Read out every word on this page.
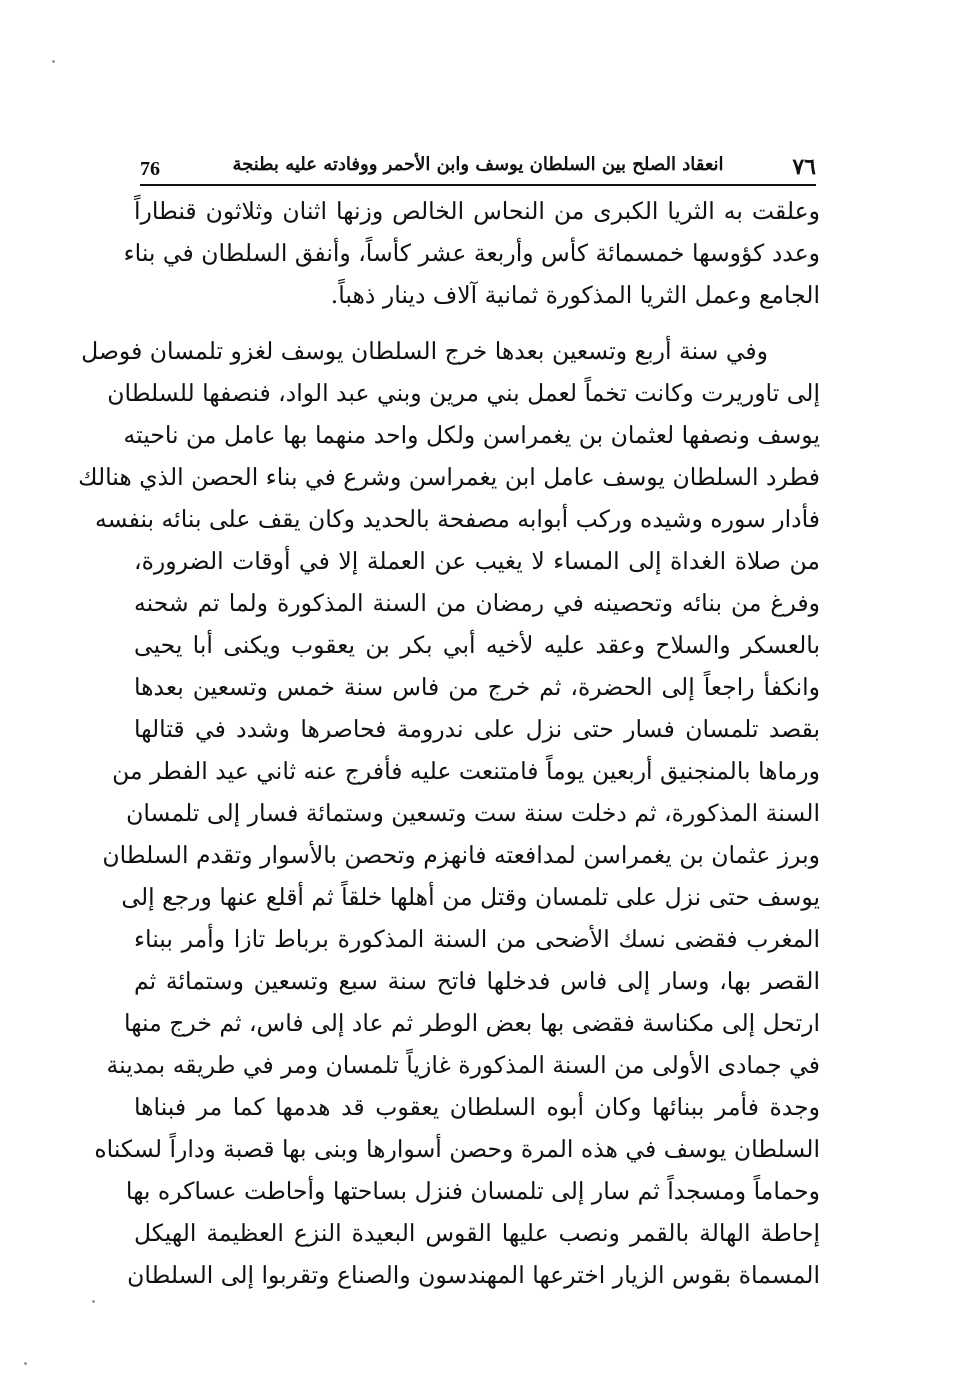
76	انعقاد الصلح بين السلطان يوسف وابن الأحمر ووفادته عليه بطنجة	٧٦
وعلقت به الثريا الكبرى من النحاس الخالص وزنها اثنان وثلاثون قنطاراً
وعدد كؤوسها خمسمائة كأس وأربعة عشر كأساً، وأنفق السلطان في بناء
الجامع وعمل الثريا المذكورة ثمانية آلاف دينار ذهباً.
وفي سنة أربع وتسعين بعدها خرج السلطان يوسف لغزو تلمسان فوصل
إلى تاوريرت وكانت تخماً لعمل بني مرين وبني عبد الواد، فنصفها للسلطان
يوسف ونصفها لعثمان بن يغمراسن ولكل واحد منهما بها عامل من ناحيته
فطرد السلطان يوسف عامل ابن يغمراسن وشرع في بناء الحصن الذي هنالك
فأدار سوره وشيده وركب أبوابه مصفحة بالحديد وكان يقف على بنائه بنفسه
من صلاة الغداة إلى المساء لا يغيب عن العملة إلا في أوقات الضرورة،
وفرغ من بنائه وتحصينه في رمضان من السنة المذكورة ولما تم شحنه
بالعسكر والسلاح وعقد عليه لأخيه أبي بكر بن يعقوب ويكنى أبا يحيى
وانكفأ راجعاً إلى الحضرة، ثم خرج من فاس سنة خمس وتسعين بعدها
بقصد تلمسان فسار حتى نزل على ندرومة فحاصرها وشدد في قتالها
ورماها بالمنجنيق أربعين يوماً فامتنعت عليه فأفرج عنه ثاني عيد الفطر من
السنة المذكورة، ثم دخلت سنة ست وتسعين وستمائة فسار إلى تلمسان
وبرز عثمان بن يغمراسن لمدافعته فانهزم وتحصن بالأسوار وتقدم السلطان
يوسف حتى نزل على تلمسان وقتل من أهلها خلقاً ثم أقلع عنها ورجع إلى
المغرب فقضى نسك الأضحى من السنة المذكورة برباط تازا وأمر ببناء
القصر بها، وسار إلى فاس فدخلها فاتح سنة سبع وتسعين وستمائة ثم
ارتحل إلى مكناسة فقضى بها بعض الوطر ثم عاد إلى فاس، ثم خرج منها
في جمادى الأولى من السنة المذكورة غازياً تلمسان ومر في طريقه بمدينة
وجدة فأمر ببنائها وكان أبوه السلطان يعقوب قد هدمها كما مر فبناها
السلطان يوسف في هذه المرة وحصن أسوارها وبنى بها قصبة وداراً لسكناه
وحماماً ومسجداً ثم سار إلى تلمسان فنزل بساحتها وأحاطت عساكره بها
إحاطة الهالة بالقمر ونصب عليها القوس البعيدة النزع العظيمة الهيكل
المسماة بقوس الزيار اخترعها المهندسون والصناع وتقربوا إلى السلطان
